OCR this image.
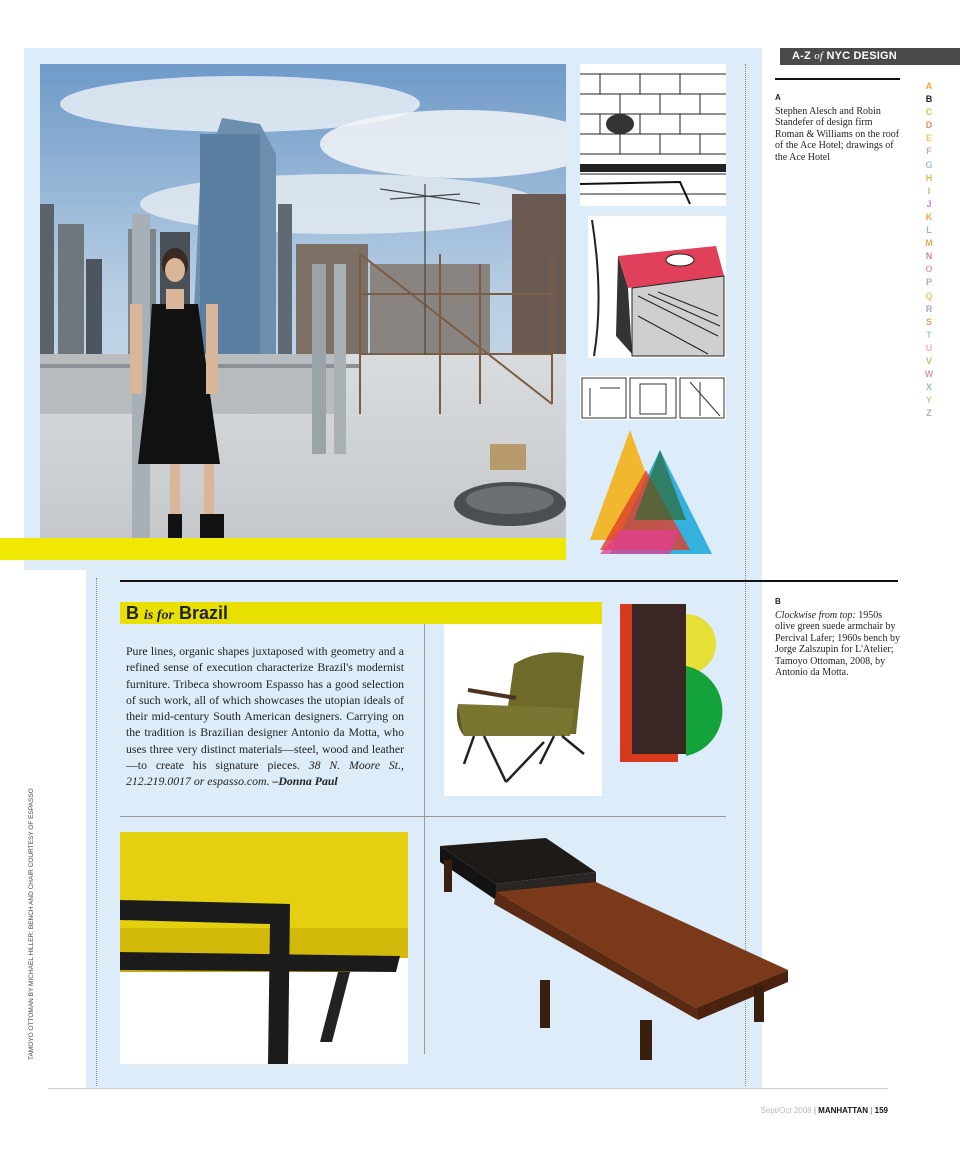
A-Z of NYC DESIGN
A
Stephen Alesch and Robin Standefer of design firm Roman & Williams on the roof of the Ace Hotel; drawings of the Ace Hotel
B
Clockwise from top: 1950s olive green suede armchair by Percival Lafer; 1960s bench by Jorge Zalszupin for L'Atelier; Tamoyo Ottoman, 2008, by Antonio da Motta.
A
B
C
D
E
F
G
H
I
J
K
L
M
N
O
P
Q
R
S
T
U
V
W
X
Y
Z
B is for Brazil
Pure lines, organic shapes juxtaposed with geometry and a refined sense of execution characterize Brazil's modernist furniture. Tribeca showroom Espasso has a good selection of such work, all of which showcases the utopian ideals of their mid-century South American designers. Carrying on the tradition is Brazilian designer Antonio da Motta, who uses three very distinct materials—steel, wood and leather—to create his signature pieces. 38 N. Moore St., 212.219.0017 or espasso.com. –Donna Paul
TAMOYO OTTOMAN BY MICHAEL HILLER; BENCH AND CHAIR COURTESY OF ESPASSO
Sept/Oct 2008 | MANHATTAN | 159
